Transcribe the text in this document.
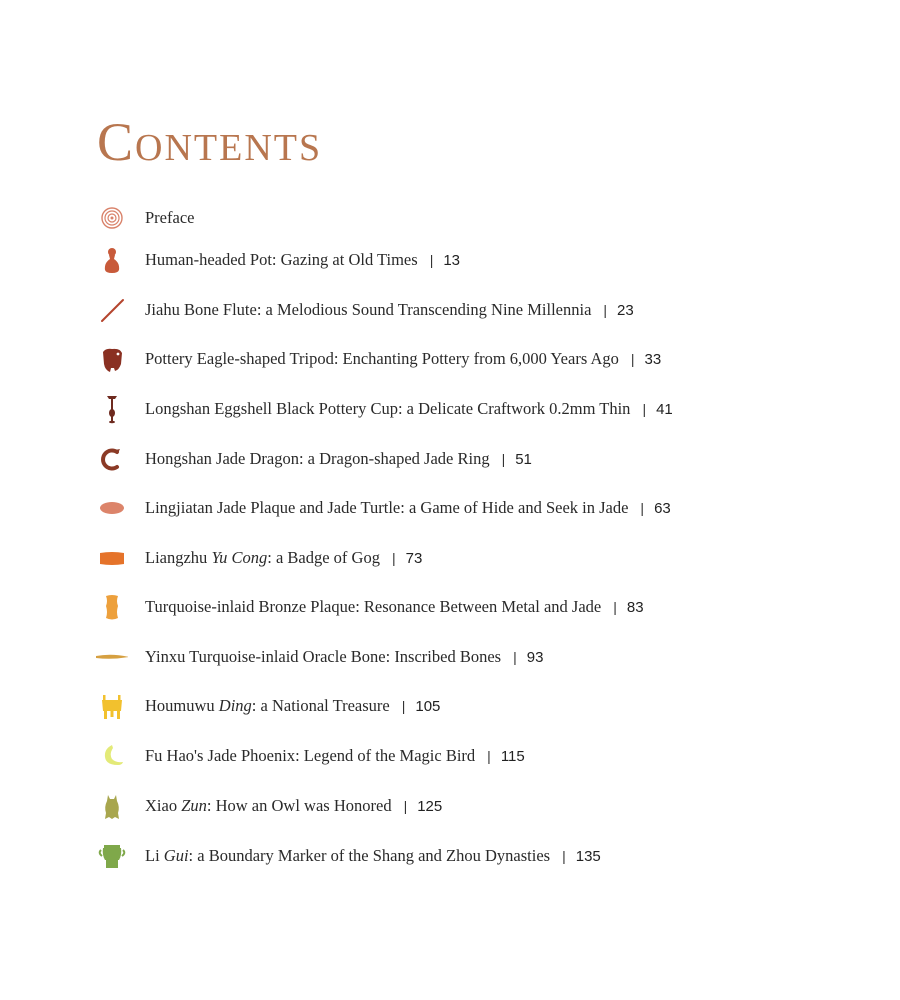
Contents
Preface
Human-headed Pot: Gazing at Old Times | 13
Jiahu Bone Flute: a Melodious Sound Transcending Nine Millennia | 23
Pottery Eagle-shaped Tripod: Enchanting Pottery from 6,000 Years Ago | 33
Longshan Eggshell Black Pottery Cup: a Delicate Craftwork 0.2mm Thin | 41
Hongshan Jade Dragon: a Dragon-shaped Jade Ring | 51
Lingjiatan Jade Plaque and Jade Turtle: a Game of Hide and Seek in Jade | 63
Liangzhu Yu Cong: a Badge of Gog | 73
Turquoise-inlaid Bronze Plaque: Resonance Between Metal and Jade | 83
Yinxu Turquoise-inlaid Oracle Bone: Inscribed Bones | 93
Houmuwu Ding: a National Treasure | 105
Fu Hao's Jade Phoenix: Legend of the Magic Bird | 115
Xiao Zun: How an Owl was Honored | 125
Li Gui: a Boundary Marker of the Shang and Zhou Dynasties | 135
